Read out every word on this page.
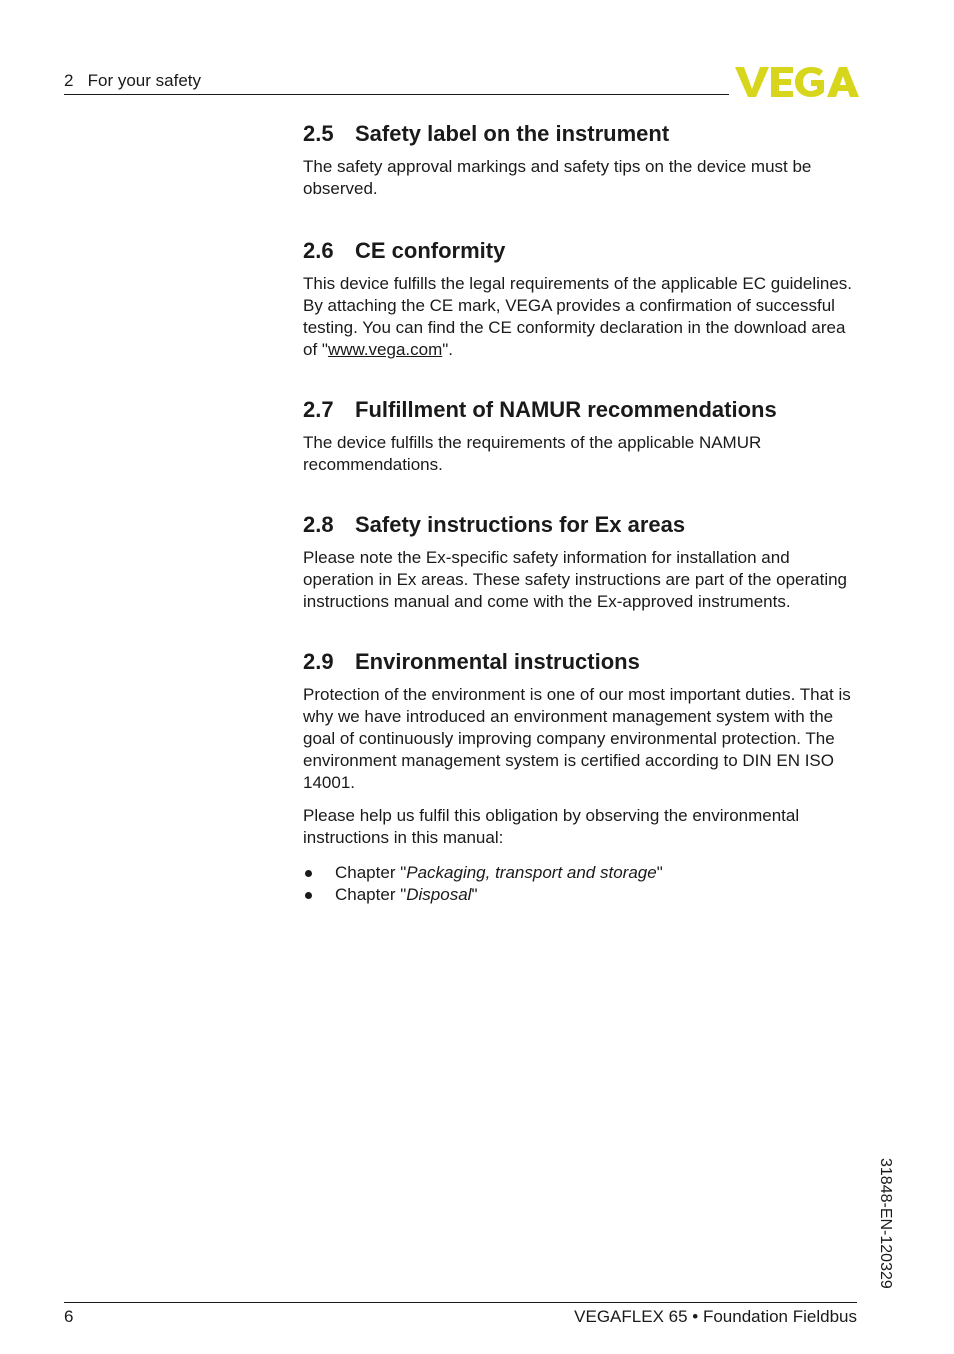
2   For your safety
2.5 Safety label on the instrument

The safety approval markings and safety tips on the device must be observed.

2.6 CE conformity

This device fulfills the legal requirements of the applicable EC guidelines. By attaching the CE mark, VEGA provides a confirmation of successful testing. You can find the CE conformity declaration in the download area of "www.vega.com".

2.7 Fulfillment of NAMUR recommendations

The device fulfills the requirements of the applicable NAMUR recommendations.

2.8 Safety instructions for Ex areas

Please note the Ex-specific safety information for installation and operation in Ex areas. These safety instructions are part of the operating instructions manual and come with the Ex-approved instruments.

2.9 Environmental instructions

Protection of the environment is one of our most important duties. That is why we have introduced an environment management system with the goal of continuously improving company environmental protection. The environment management system is certified according to DIN EN ISO 14001.

Please help us fulfil this obligation by observing the environmental instructions in this manual:

Chapter "Packaging, transport and storage"
Chapter "Disposal"
31848-EN-120329
6	VEGAFLEX 65 • Foundation Fieldbus
